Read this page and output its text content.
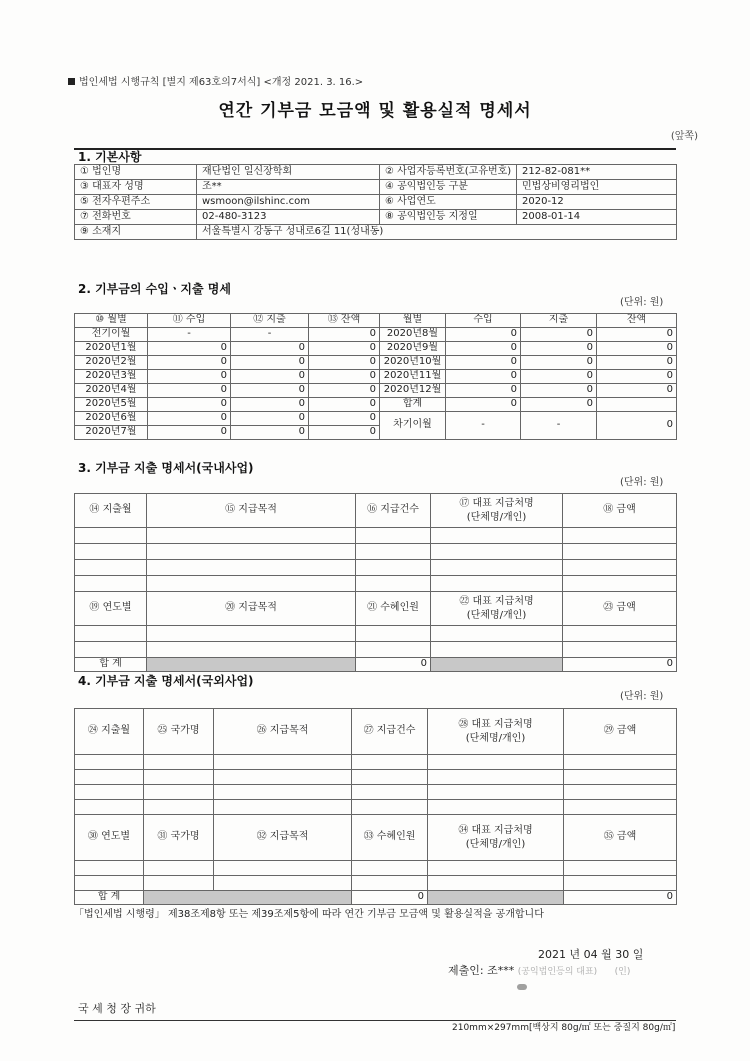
법인세법 시행규칙 [별지 제63호의7서식] <개정 2021. 3. 16.>
연간 기부금 모금액 및 활용실적 명세서
(앞쪽)
1. 기본사항
① 법인명	재단법인 일신장학회	② 사업자등록번호(고유번호)	212-82-081**
③ 대표자 성명	조**	④ 공익법인등 구분	민법상비영리법인
⑤ 전자우편주소	wsmoon@ilshinc.com	⑥ 사업연도	2020-12
⑦ 전화번호	02-480-3123	⑧ 공익법인등 지정일	2008-01-14
⑨ 소재지	서울특별시 강동구 성내로6길 11(성내동)		
2. 기부금의 수입ㆍ지출 명세
(단위: 원)
⑩ 월별	⑪ 수입	⑫ 지출	⑬ 잔액	월별	수입	지출	잔액
전기이월	-	-	0	2020년8월	0	0	0
2020년1월	0	0	0	2020년9월	0	0	0
2020년2월	0	0	0	2020년10월	0	0	0
2020년3월	0	0	0	2020년11월	0	0	0
2020년4월	0	0	0	2020년12월	0	0	0
2020년5월	0	0	0	합계	0	0	
2020년6월	0	0	0	차기이월	-	-	0
2020년7월	0	0	0				
3. 기부금 지출 명세서(국내사업)
(단위: 원)
⑭ 지출월	⑮ 지급목적	⑯ 지급건수	⑰ 대표 지급처명
(단체명/개인)	⑱ 금액

⑲ 연도별	⑳ 지급목적	㉑ 수혜인원	㉒ 대표 지급처명
(단체명/개인)	㉓ 금액

합 계		0		0
4. 기부금 지출 명세서(국외사업)
(단위: 원)
㉔ 지출월	㉕ 국가명	㉖ 지급목적	㉗ 지급건수	㉘ 대표 지급처명
(단체명/개인)	㉙ 금액

㉚ 연도별	㉛ 국가명	㉜ 지급목적	㉝ 수혜인원	㉞ 대표 지급처명
(단체명/개인)	㉟ 금액

합 계			0		0
「법인세법 시행령」 제38조제8항 또는 제39조제5항에 따라 연간 기부금 모금액 및 활용실적을 공개합니다
2021 년 04 월 30 일
제출인: 조*** (공익법인등의 대표) (인)
국 세 청 장 귀하
210mm×297mm[백상지 80g/㎡ 또는 중질지 80g/㎡]
